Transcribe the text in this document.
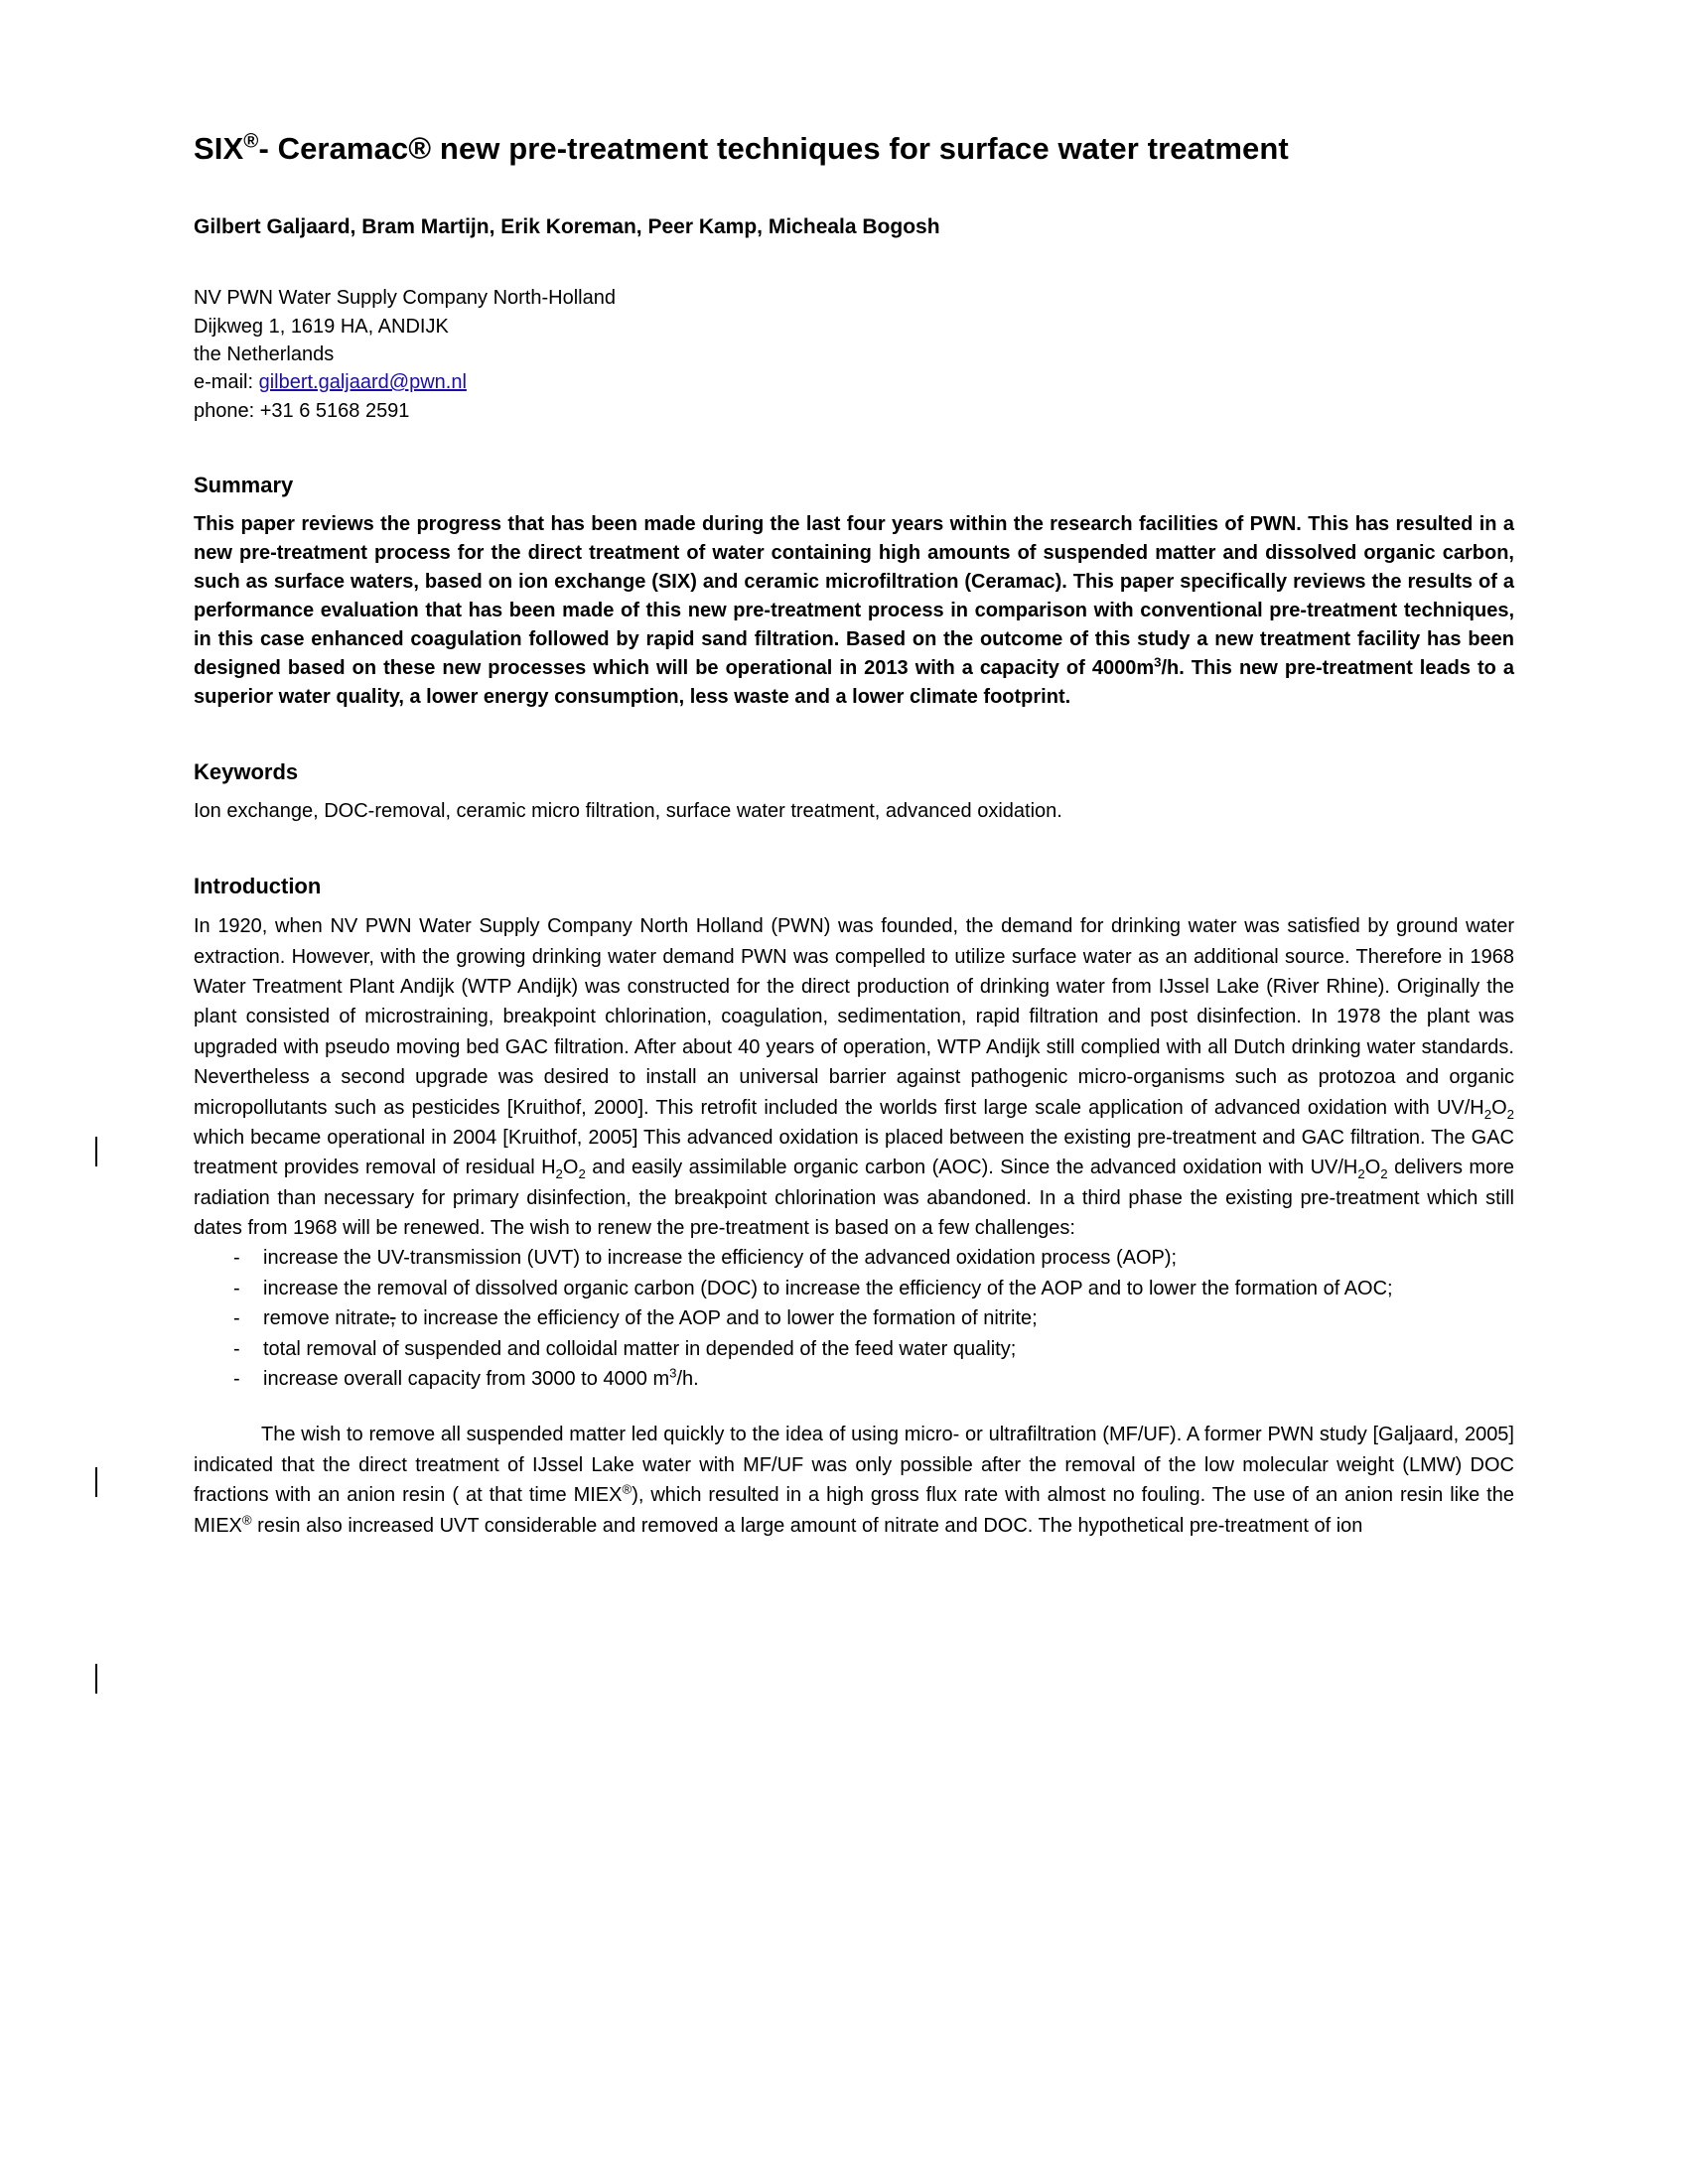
SIX®- Ceramac® new pre-treatment techniques for surface water treatment
Gilbert Galjaard, Bram Martijn, Erik Koreman, Peer Kamp, Micheala Bogosh
NV PWN Water Supply Company North-Holland
Dijkweg 1, 1619 HA, ANDIJK
the Netherlands
e-mail: gilbert.galjaard@pwn.nl
phone: +31 6 5168 2591
Summary
This paper reviews the progress that has been made during the last four years within the research facilities of PWN. This has resulted in a new pre-treatment process for the direct treatment of water containing high amounts of suspended matter and dissolved organic carbon, such as surface waters, based on ion exchange (SIX) and ceramic microfiltration (Ceramac). This paper specifically reviews the results of a performance evaluation that has been made of this new pre-treatment process in comparison with conventional pre-treatment techniques, in this case enhanced coagulation followed by rapid sand filtration. Based on the outcome of this study a new treatment facility has been designed based on these new processes which will be operational in 2013 with a capacity of $4000m^3/h$. This new pre-treatment leads to a superior water quality, a lower energy consumption, less waste and a lower climate footprint.
Keywords
Ion exchange, DOC-removal, ceramic micro filtration, surface water treatment, advanced oxidation.
Introduction

In 1920, when NV PWN Water Supply Company North Holland (PWN) was founded, the demand for drinking water was satisfied by ground water extraction. However, with the growing drinking water demand PWN was compelled to utilize surface water as an additional source. Therefore in 1968 Water Treatment Plant Andijk (WTP Andijk) was constructed for the direct production of drinking water from IJssel Lake (River Rhine). Originally the plant consisted of microstraining, breakpoint chlorination, coagulation, sedimentation, rapid filtration and post disinfection. In 1978 the plant was upgraded with pseudo moving bed GAC filtration. After about 40 years of operation, WTP Andijk still complied with all Dutch drinking water standards. Nevertheless a second upgrade was desired to install an universal barrier against pathogenic micro-organisms such as protozoa and organic micropollutants such as pesticides [Kruithof, 2000]. This retrofit included the worlds first large scale application of advanced oxidation with $UV/H_2O_2$ which became operational in 2004 [Kruithof, 2005] This advanced oxidation is placed between the existing pre-treatment and GAC filtration. The GAC treatment provides removal of residual $H_2O_2$ and easily assimilable organic carbon (AOC). Since the advanced oxidation with $UV/H_2O_2$ delivers more radiation than necessary for primary disinfection, the breakpoint chlorination was abandoned. In a third phase the existing pre-treatment which still dates from 1968 will be renewed. The wish to renew the pre-treatment is based on a few challenges:

- increase the UV-transmission (UVT) to increase the efficiency of the advanced oxidation process (AOP);
- increase the removal of dissolved organic carbon (DOC) to increase the efficiency of the AOP and to lower the formation of AOC;
- remove nitrate, to increase the efficiency of the AOP and to lower the formation of nitrite;
- total removal of suspended and colloidal matter in depended of the feed water quality;
- increase overall capacity from 3000 to 4000 $m^3/h$.

The wish to remove all suspended matter led quickly to the idea of using micro- or ultrafiltration (MF/UF). A former PWN study [Galjaard, 2005] indicated that the direct treatment of IJssel Lake water with MF/UF was only possible after the removal of the low molecular weight (LMW) DOC fractions with an anion resin ( at that time MIEX®), which resulted in a high gross flux rate with almost no fouling. The use of an anion resin like the MIEX® resin also increased UVT considerable and removed a large amount of nitrate and DOC. The hypothetical pre-treatment of ion
